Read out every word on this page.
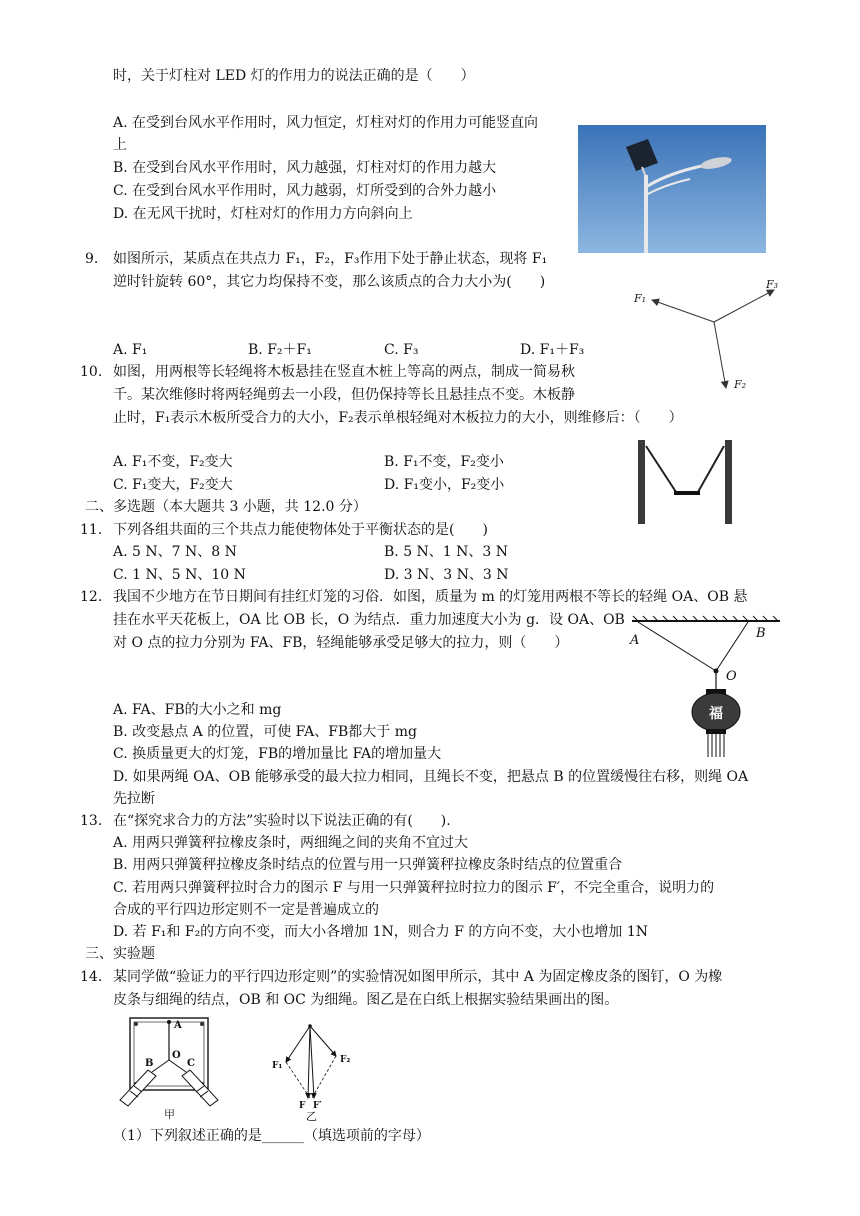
时，关于灯柱对 LED 灯的作用力的说法正确的是（　　）
A. 在受到台风水平作用时，风力恒定，灯柱对灯的作用力可能竖直向
上
B. 在受到台风水平作用时，风力越强，灯柱对灯的作用力越大
C. 在受到台风水平作用时，风力越弱，灯所受到的合外力越小
D. 在无风干扰时，灯柱对灯的作用力方向斜向上
9. 如图所示，某质点在共点力 F₁，F₂，F₃作用下处于静止状态，现将 F₁
逆时针旋转 60°，其它力均保持不变，那么该质点的合力大小为(　　)
A. F₁	B. F₂＋F₁	C. F₃	D. F₁＋F₃
F₁
F₃
F₂
10. 如图，用两根等长轻绳将木板悬挂在竖直木桩上等高的两点，制成一简易秋
千。某次维修时将两轻绳剪去一小段，但仍保持等长且悬挂点不变。木板静
止时，F₁表示木板所受合力的大小，F₂表示单根轻绳对木板拉力的大小，则维修后：（　　）
A. F₁不变，F₂变大	B. F₁不变，F₂变小
C. F₁变大，F₂变大	D. F₁变小，F₂变小
二、多选题（本大题共 3 小题，共 12.0 分）
11. 下列各组共面的三个共点力能使物体处于平衡状态的是(　　)
A. 5 N、7 N、8 N	B. 5 N、1 N、3 N
C. 1 N、5 N、10 N	D. 3 N、3 N、3 N
12. 我国不少地方在节日期间有挂红灯笼的习俗．如图，质量为 m 的灯笼用两根不等长的轻绳 OA、OB 悬
挂在水平天花板上，OA 比 OB 长，O 为结点．重力加速度大小为 g．设 OA、OB
对 O 点的拉力分别为 FA、FB，轻绳能够承受足够大的拉力，则（　　）
A. FA、FB的大小之和 mg
B. 改变悬点 A 的位置，可使 FA、FB都大于 mg
C. 换质量更大的灯笼，FB的增加量比 FA的增加量大
D. 如果两绳 OA、OB 能够承受的最大拉力相同，且绳长不变，把悬点 B 的位置缓慢往右移，则绳 OA
先拉断
A	B
O
福
13. 在“探究求合力的方法”实验时以下说法正确的有(　　).
A. 用两只弹簧秤拉橡皮条时，两细绳之间的夹角不宜过大
B. 用两只弹簧秤拉橡皮条时结点的位置与用一只弹簧秤拉橡皮条时结点的位置重合
C. 若用两只弹簧秤拉时合力的图示 F 与用一只弹簧秤拉时拉力的图示 F′，不完全重合，说明力的
合成的平行四边形定则不一定是普遍成立的
D. 若 F₁和 F₂的方向不变，而大小各增加 1N，则合力 F 的方向不变，大小也增加 1N
三、实验题
14. 某同学做“验证力的平行四边形定则”的实验情况如图甲所示，其中 A 为固定橡皮条的图钉，O 为橡
皮条与细绳的结点，OB 和 OC 为细绳。图乙是在白纸上根据实验结果画出的图。
A
O
B	C
甲
F₁
F₂
F F′
乙
（1）下列叙述正确的是______（填选项前的字母）
